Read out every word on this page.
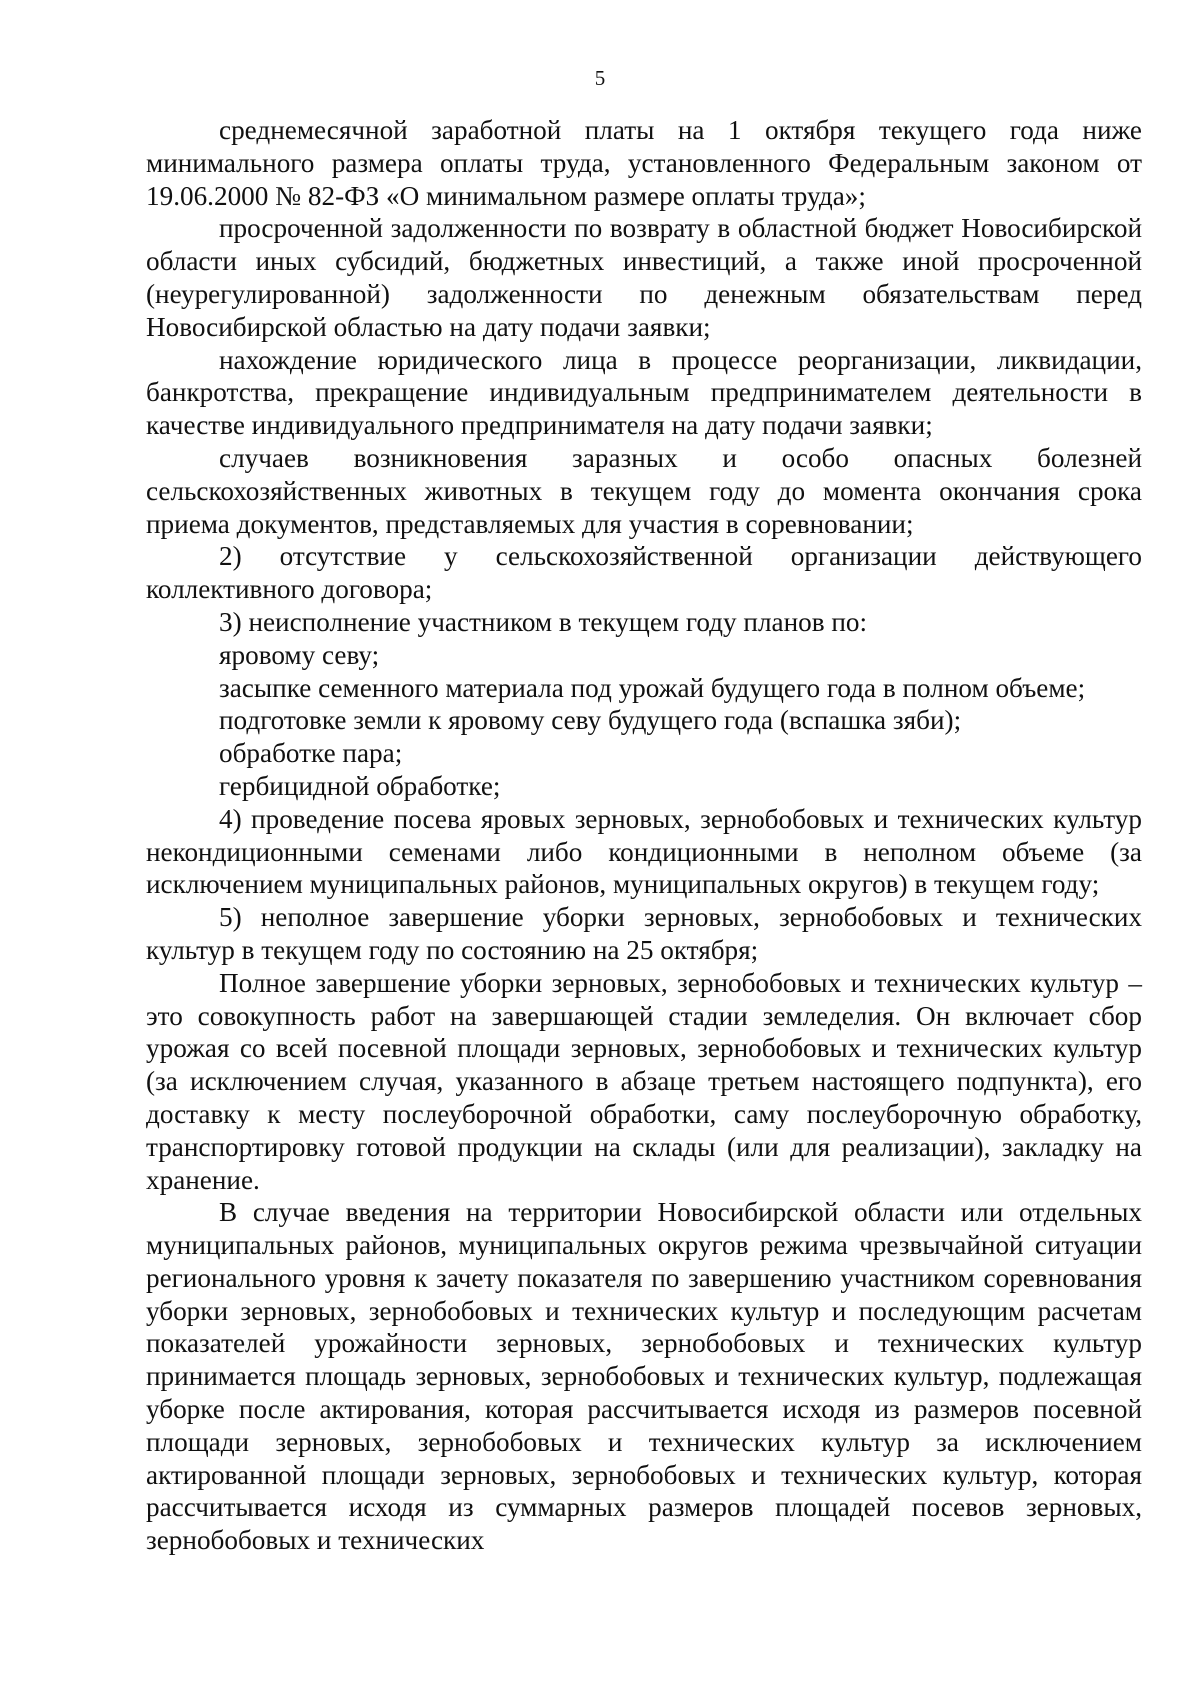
5

среднемесячной заработной платы на 1 октября текущего года ниже минимального размера оплаты труда, установленного Федеральным законом от 19.06.2000 № 82-ФЗ «О минимальном размере оплаты труда»;

просроченной задолженности по возврату в областной бюджет Новосибирской области иных субсидий, бюджетных инвестиций, а также иной просроченной (неурегулированной) задолженности по денежным обязательствам перед Новосибирской областью на дату подачи заявки;

нахождение юридического лица в процессе реорганизации, ликвидации, банкротства, прекращение индивидуальным предпринимателем деятельности в качестве индивидуального предпринимателя на дату подачи заявки;

случаев возникновения заразных и особо опасных болезней сельскохозяйственных животных в текущем году до момента окончания срока приема документов, представляемых для участия в соревновании;

2) отсутствие у сельскохозяйственной организации действующего коллективного договора;

3) неисполнение участником в текущем году планов по:

яровому севу;

засыпке семенного материала под урожай будущего года в полном объеме;

подготовке земли к яровому севу будущего года (вспашка зяби);

обработке пара;

гербицидной обработке;

4) проведение посева яровых зерновых, зернобобовых и технических культур некондиционными семенами либо кондиционными в неполном объеме (за исключением муниципальных районов, муниципальных округов) в текущем году;

5) неполное завершение уборки зерновых, зернобобовых и технических культур в текущем году по состоянию на 25 октября;

Полное завершение уборки зерновых, зернобобовых и технических культур – это совокупность работ на завершающей стадии земледелия. Он включает сбор урожая со всей посевной площади зерновых, зернобобовых и технических культур (за исключением случая, указанного в абзаце третьем настоящего подпункта), его доставку к месту послеуборочной обработки, саму послеуборочную обработку, транспортировку готовой продукции на склады (или для реализации), закладку на хранение.

В случае введения на территории Новосибирской области или отдельных муниципальных районов, муниципальных округов режима чрезвычайной ситуации регионального уровня к зачету показателя по завершению участником соревнования уборки зерновых, зернобобовых и технических культур и последующим расчетам показателей урожайности зерновых, зернобобовых и технических культур принимается площадь зерновых, зернобобовых и технических культур, подлежащая уборке после актирования, которая рассчитывается исходя из размеров посевной площади зерновых, зернобобовых и технических культур за исключением актированной площади зерновых, зернобобовых и технических культур, которая рассчитывается исходя из суммарных размеров площадей посевов зерновых, зернобобовых и технических
